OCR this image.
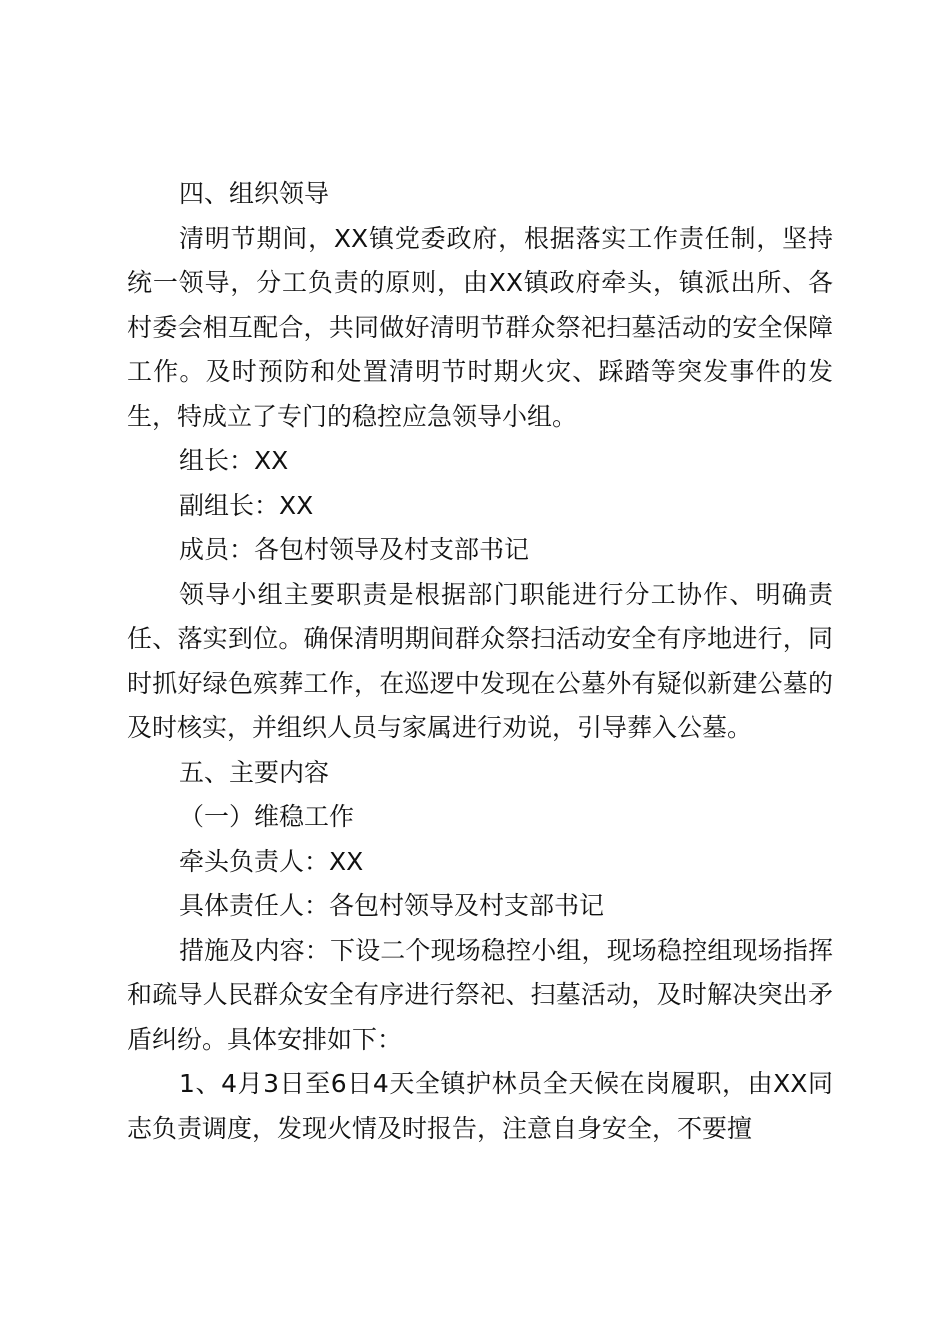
四、组织领导

清明节期间，XX镇党委政府，根据落实工作责任制，坚持统一领导，分工负责的原则，由XX镇政府牵头，镇派出所、各村委会相互配合，共同做好清明节群众祭祀扫墓活动的安全保障工作。及时预防和处置清明节时期火灾、踩踏等突发事件的发生，特成立了专门的稳控应急领导小组。

组长：XX

副组长：XX

成员：各包村领导及村支部书记

领导小组主要职责是根据部门职能进行分工协作、明确责任、落实到位。确保清明期间群众祭扫活动安全有序地进行，同时抓好绿色殡葬工作，在巡逻中发现在公墓外有疑似新建公墓的及时核实，并组织人员与家属进行劝说，引导葬入公墓。

五、主要内容

（一）维稳工作

牵头负责人：XX

具体责任人：各包村领导及村支部书记

措施及内容：下设二个现场稳控小组，现场稳控组现场指挥和疏导人民群众安全有序进行祭祀、扫墓活动，及时解决突出矛盾纠纷。具体安排如下：

1、4月3日至6日4天全镇护林员全天候在岗履职，由XX同志负责调度，发现火情及时报告，注意自身安全，不要擅
